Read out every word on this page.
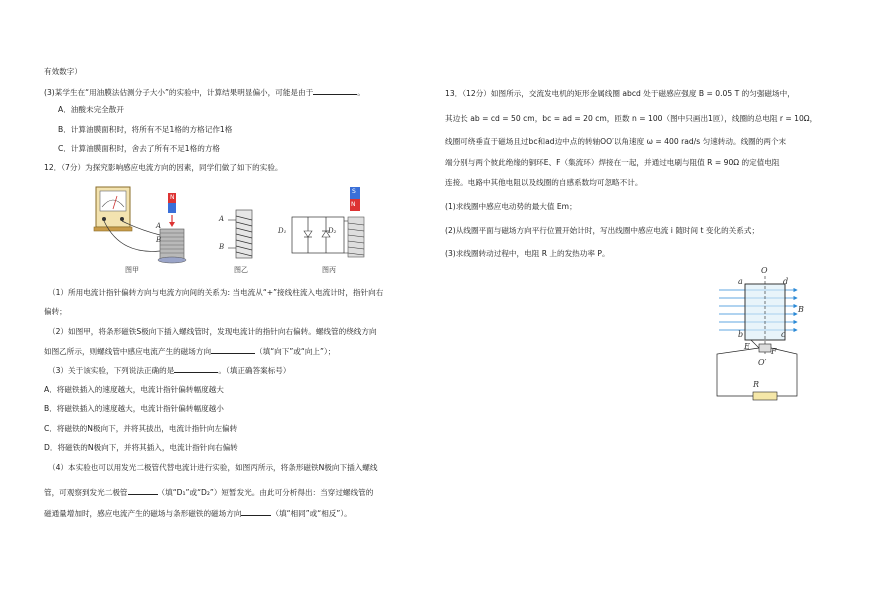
有效数字）
(3)某学生在“用油膜法估测分子大小”的实验中，计算结果明显偏小，可能是由于	。
A．油酸未完全散开
B．计算油膜面积时，将所有不足1格的方格记作1格
C．计算油膜面积时，舍去了所有不足1格的方格
12．（7分）为探究影响感应电流方向的因素，同学们做了如下的实验。
A
B
N
图甲
A
B
图乙
S
N
D₁	D₂
图丙
（1）所用电流计指针偏转方向与电流方向间的关系为: 当电流从“+”接线柱流入电流计时，指针向右
偏转；
（2）如图甲，将条形磁铁S极向下插入螺线管时，发现电流计的指针向右偏转。螺线管的绕线方向
如图乙所示，则螺线管中感应电流产生的磁场方向	（填“向下”或“向上”）；
（3）关于该实验，下列说法正确的是	。（填正确答案标号）
A．将磁铁插入的速度越大，电流计指针偏转幅度越大
B．将磁铁插入的速度越大，电流计指针偏转幅度越小
C．将磁铁的N极向下，并将其拔出，电流计指针向左偏转
D．将磁铁的N极向下，并将其插入，电流计指针向右偏转
（4）本实验也可以用发光二极管代替电流计进行实验，如图丙所示，将条形磁铁N极向下插入螺线
管，可观察到发光二极管	（填“D₁”或“D₂”）短暂发光。由此可分析得出：当穿过螺线管的
磁通量增加时，感应电流产生的磁场与条形磁铁的磁场方向	（填“相同”或“相反”）。
13．（12分）如图所示，交流发电机的矩形金属线圈 abcd 处于磁感应强度 B = 0.05 T 的匀强磁场中，
其边长 ab = cd = 50 cm，bc = ad = 20 cm，匝数 n = 100（图中只画出1匝），线圈的总电阻 r = 10Ω，
线圈可绕垂直于磁场且过bc和ad边中点的转轴OO′以角速度 ω = 400 rad/s 匀速转动。线圈的两个末
端分别与两个彼此绝缘的铜环E、F（集流环）焊接在一起，并通过电刷与阻值 R = 90Ω 的定值电阻
连接。电路中其他电阻以及线圈的自感系数均可忽略不计。
(1)求线圈中感应电动势的最大值 Em；
(2)从线圈平面与磁场方向平行位置开始计时，写出线圈中感应电流 i 随时间 t 变化的关系式；
(3)求线圈转动过程中，电阻 R 上的发热功率 P。
O
a	d
B
b	c
E
F
O′
R
